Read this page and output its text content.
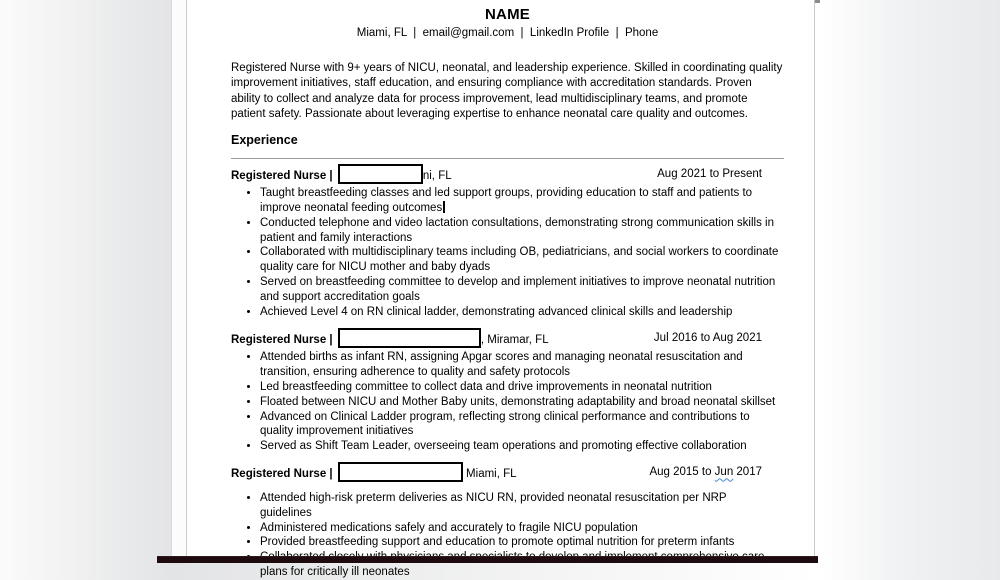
NAME
Miami, FL  |  email@gmail.com  |  LinkedIn Profile  |  Phone

Registered Nurse with 9+ years of NICU, neonatal, and leadership experience. Skilled in coordinating quality improvement initiatives, staff education, and ensuring compliance with accreditation standards. Proven ability to collect and analyze data for process improvement, lead multidisciplinary teams, and promote patient safety. Passionate about leveraging expertise to enhance neonatal care quality and outcomes.

Experience
Registered Nurse |	ni, FL	Aug 2021 to Present
• Taught breastfeeding classes and led support groups, providing education to staff and patients to improve neonatal feeding outcomes
• Conducted telephone and video lactation consultations, demonstrating strong communication skills in patient and family interactions
• Collaborated with multidisciplinary teams including OB, pediatricians, and social workers to coordinate quality care for NICU mother and baby dyads
• Served on breastfeeding committee to develop and implement initiatives to improve neonatal nutrition and support accreditation goals
• Achieved Level 4 on RN clinical ladder, demonstrating advanced clinical skills and leadership
Registered Nurse |	, Miramar, FL	Jul 2016 to Aug 2021
• Attended births as infant RN, assigning Apgar scores and managing neonatal resuscitation and transition, ensuring adherence to quality and safety protocols
• Led breastfeeding committee to collect data and drive improvements in neonatal nutrition
• Floated between NICU and Mother Baby units, demonstrating adaptability and broad neonatal skillset
• Advanced on Clinical Ladder program, reflecting strong clinical performance and contributions to quality improvement initiatives
• Served as Shift Team Leader, overseeing team operations and promoting effective collaboration
Registered Nurse |	Miami, FL	Aug 2015 to Jun 2017
• Attended high-risk preterm deliveries as NICU RN, provided neonatal resuscitation per NRP guidelines
• Administered medications safely and accurately to fragile NICU population
• Provided breastfeeding support and education to promote optimal nutrition for preterm infants
• plans for critically ill neonates
